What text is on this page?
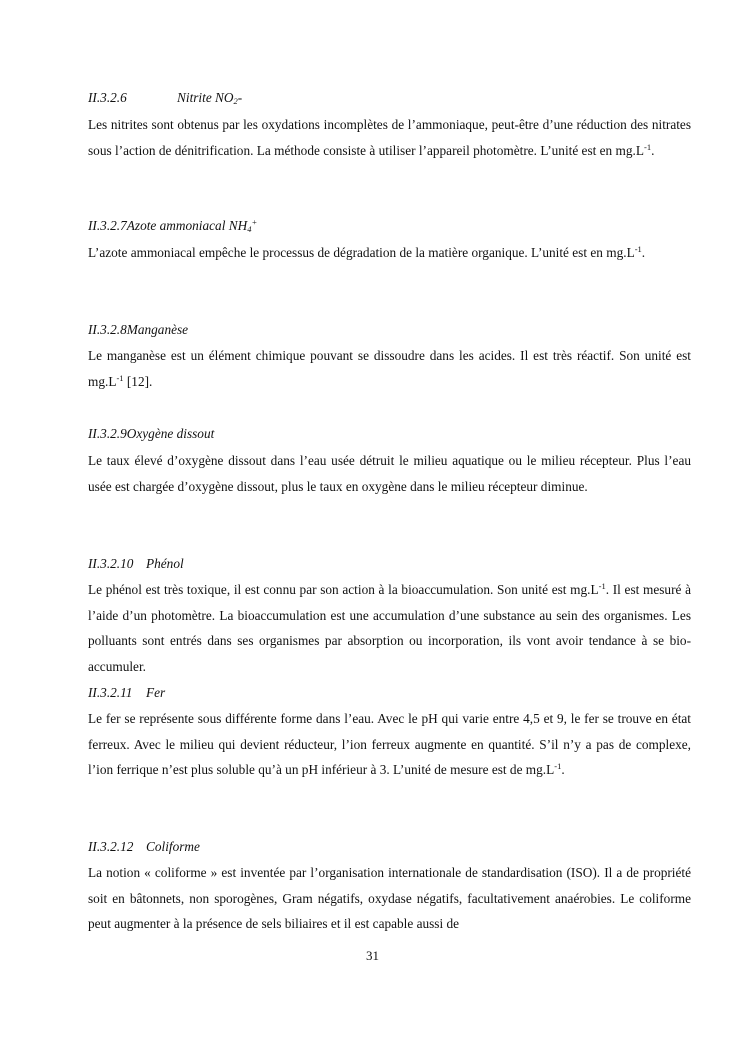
II.3.2.6	Nitrite $NO_2-$
Les nitrites sont obtenus par les oxydations incomplètes de l’ammoniaque, peut-être d’une réduction des nitrates sous l’action de dénitrification. La méthode consiste à utiliser l’appareil photomètre. L’unité est en $mg.L^{-1}$.
II.3.2.7Azote ammoniacal $NH_4^+$
L’azote ammoniacal empêche le processus de dégradation de la matière organique. L’unité est en $mg.L^{-1}$.
II.3.2.8Manganèse
Le manganèse est un élément chimique pouvant se dissoudre dans les acides. Il est très réactif. Son unité est $mg.L^{-1}$ [12].
II.3.2.9Oxygène dissout
Le taux élevé d’oxygène dissout dans l’eau usée détruit le milieu aquatique ou le milieu récepteur. Plus l’eau usée est chargée d’oxygène dissout, plus le taux en oxygène dans le milieu récepteur diminue.
II.3.2.10 Phénol
Le phénol est très toxique, il est connu par son action à la bioaccumulation. Son unité est $mg.L^{-1}$. Il est mesuré à l’aide d’un photomètre. La bioaccumulation est une accumulation d’une substance au sein des organismes. Les polluants sont entrés dans ses organismes par absorption ou incorporation, ils vont avoir tendance à se bio-accumuler.
II.3.2.11 Fer
Le fer se représente sous différente forme dans l’eau. Avec le pH qui varie entre 4,5 et 9, le fer se trouve en état ferreux. Avec le milieu qui devient réducteur, l’ion ferreux augmente en quantité. S’il n’y a pas de complexe, l’ion ferrique n’est plus soluble qu’à un pH inférieur à 3. L’unité de mesure est de $mg.L^{-1}$.
II.3.2.12 Coliforme
La notion « coliforme » est inventée par l’organisation internationale de standardisation (ISO). Il a de propriété soit en bâtonnets, non sporogènes, Gram négatifs, oxydase négatifs, facultativement anaérobies. Le coliforme peut augmenter à la présence de sels biliaires et il est capable aussi de
31
